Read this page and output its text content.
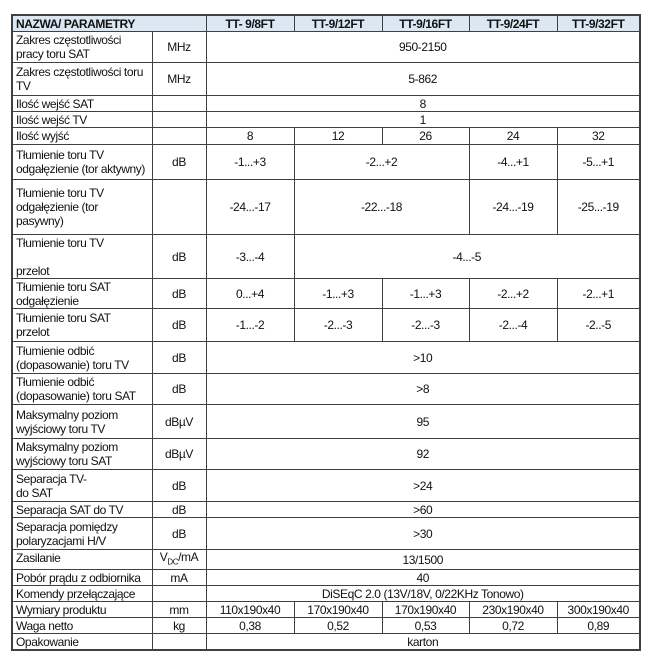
NAZWA/ PARAMETRY		TT- 9/8FT	TT-9/12FT	TT-9/16FT	TT-9/24FT	TT-9/32FT
Zakres częstotliwości
pracy toru SAT	MHz	950-2150				
Zakres częstotliwości toru
TV	MHz	5-862				
Ilość wejść SAT		8				
Ilość wejść TV		1				
Ilość wyjść		8	12	26	24	32
Tłumienie toru TV
odgałęzienie (tor aktywny)	dB	-1...+3	-2...+2		-4...+1	-5...+1
Tłumienie toru TV
odgałęzienie (tor
pasywny)		-24...-17	-22...-18		-24...-19	-25...-19
Tłumienie toru TV

przelot	dB	-3...-4	-4...-5			
Tłumienie toru SAT
odgałęzienie	dB	0...+4	-1...+3	-1...+3	-2...+2	-2...+1
Tłumienie toru SAT
przelot	dB	-1...-2	-2...-3	-2...-3	-2...-4	-2..-5
Tłumienie odbić
(dopasowanie) toru TV	dB	>10				
Tłumienie odbić
(dopasowanie) toru SAT	dB	>8				
Maksymalny poziom
wyjściowy toru TV	dBµV	95				
Maksymalny poziom
wyjściowy toru SAT	dBµV	92				
Separacja TV-
do SAT	dB	>24				
Separacja SAT do TV	dB	>60				
Separacja pomiędzy
polaryzacjami H/V	dB	>30				
Zasilanie	$V_{DC}/mA$	13/1500				
Pobór prądu z odbiornika	mA	40				
Komendy przełączające		DiSEqC 2.0 (13V/18V, 0/22KHz Tonowo)				
Wymiary produktu	mm	110x190x40	170x190x40	170x190x40	230x190x40	300x190x40
Waga netto	kg	0,38	0,52	0,53	0,72	0,89
Opakowanie		karton				
